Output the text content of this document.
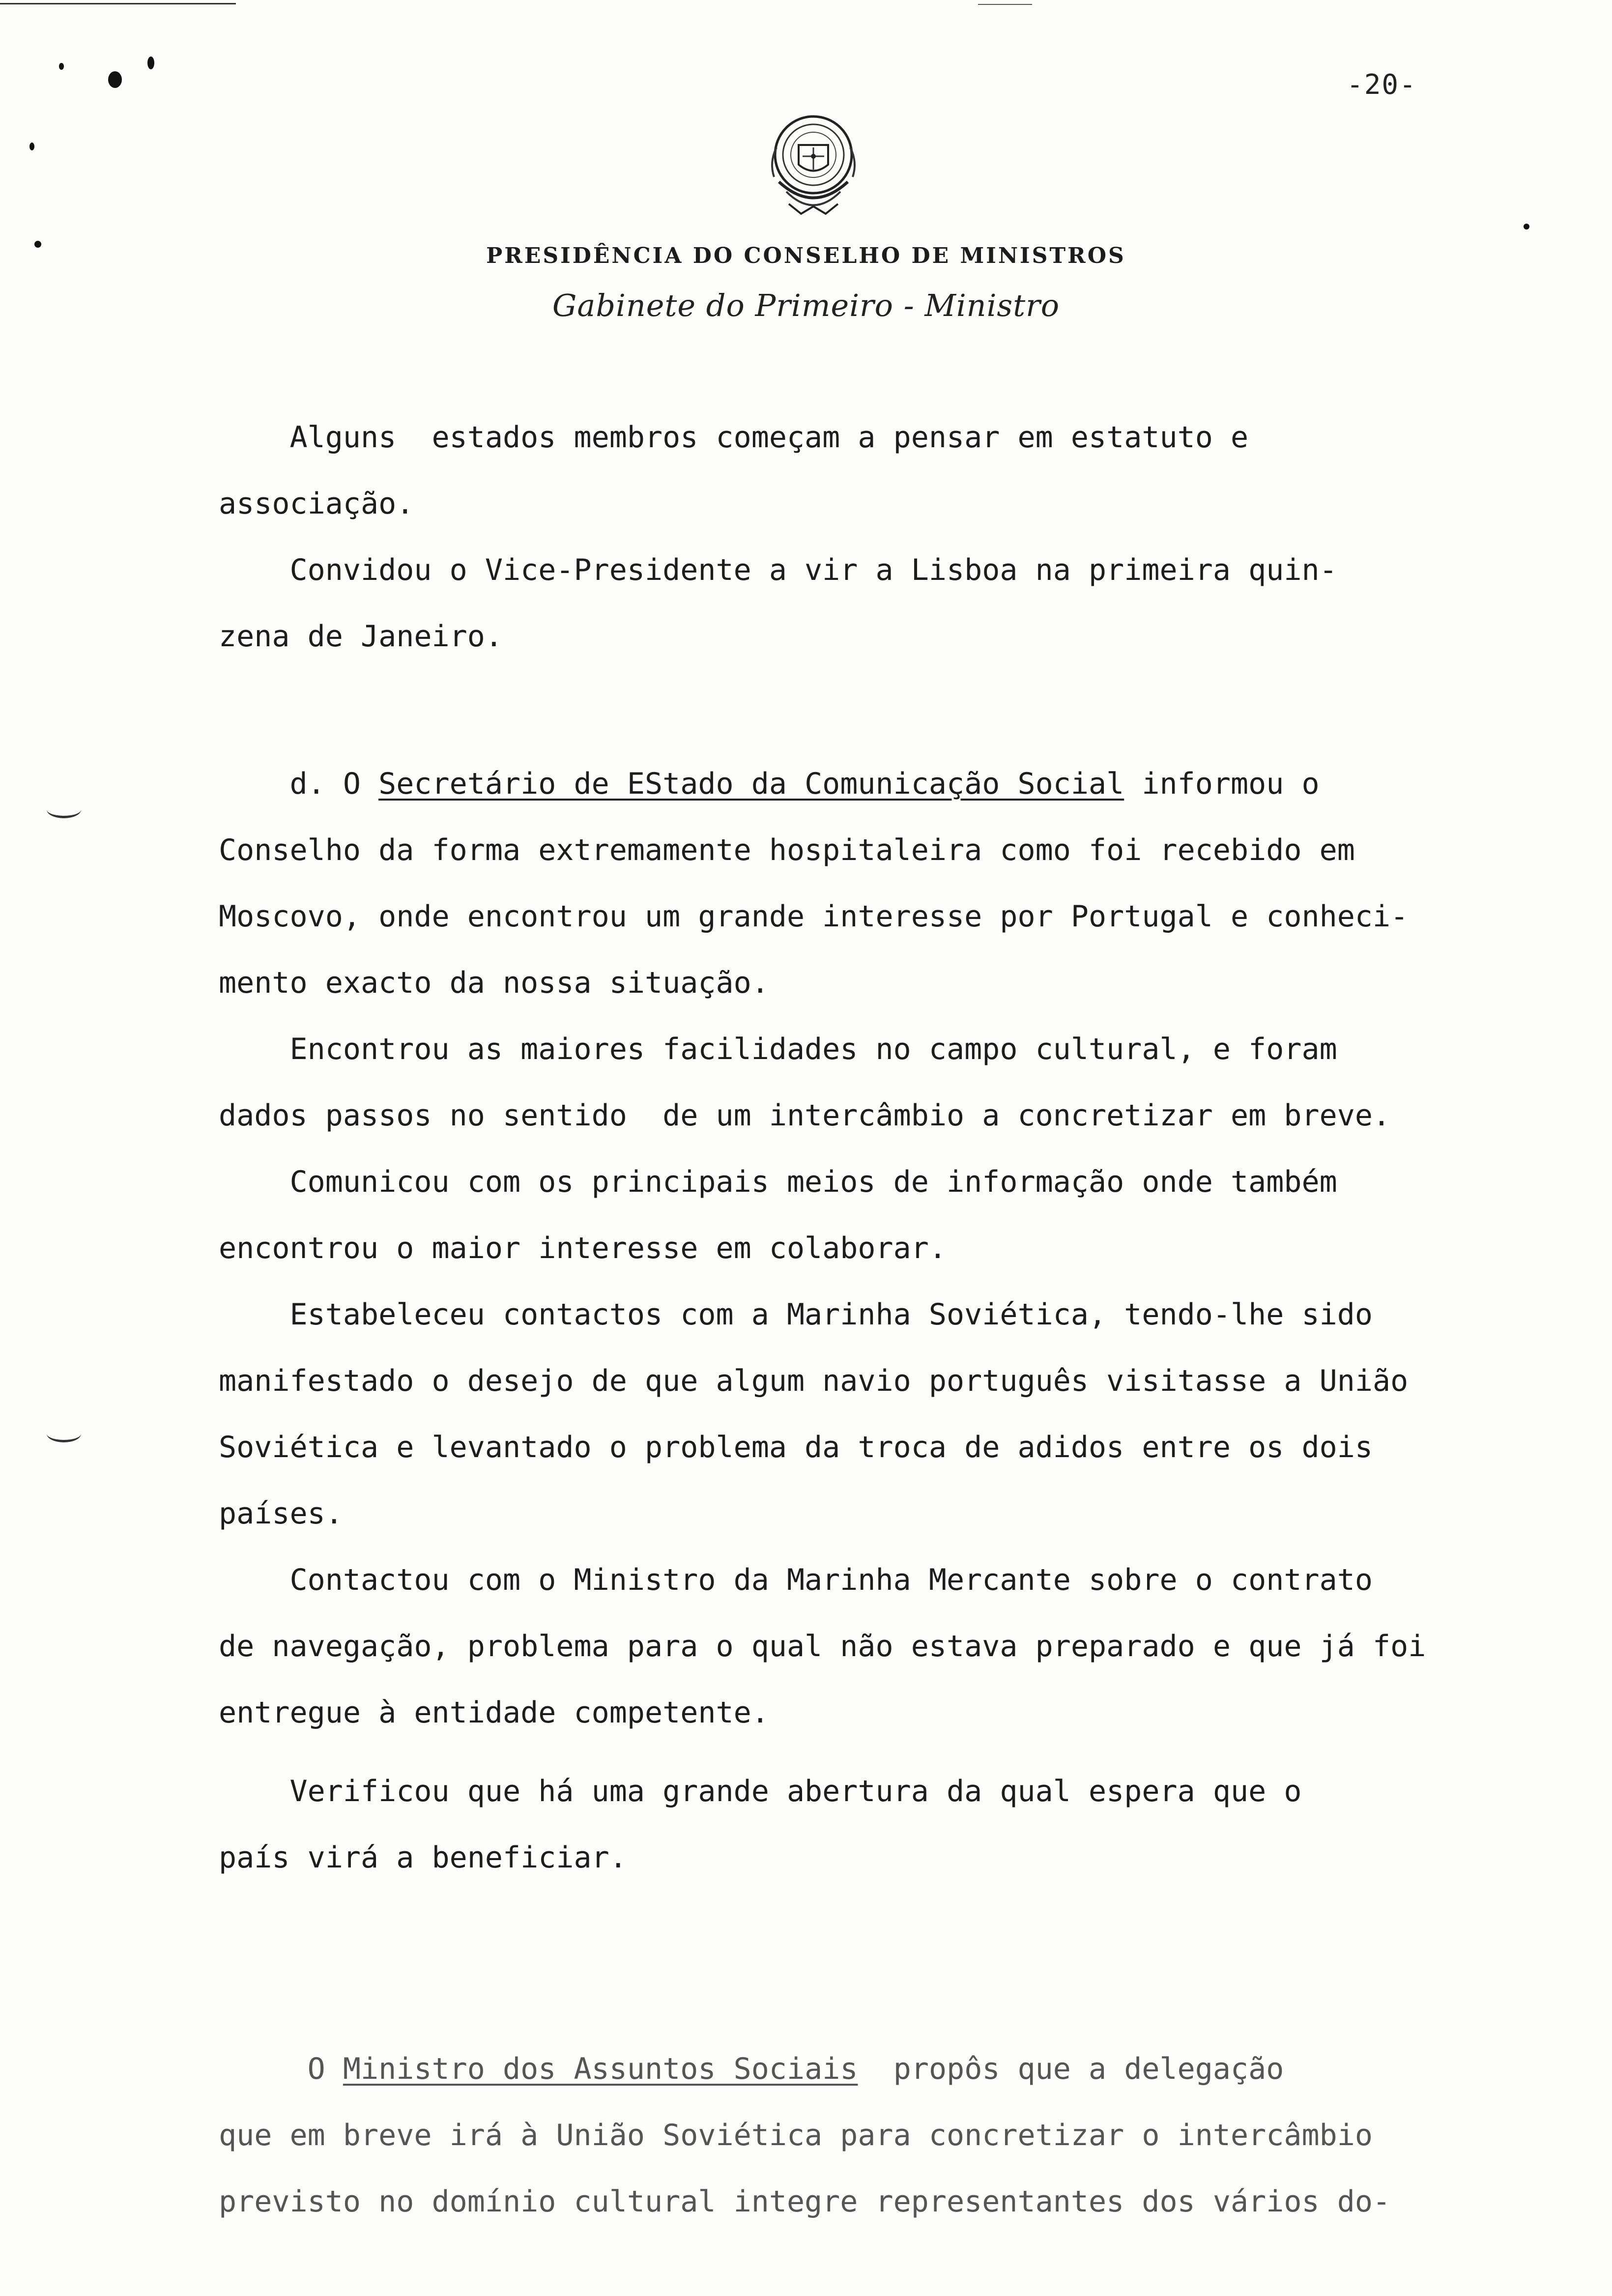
-20-
PRESIDÊNCIA DO CONSELHO DE MINISTROS
Gabinete do Primeiro - Ministro
Alguns  estados membros começam a pensar em estatuto e
associação.
Convidou o Vice-Presidente a vir a Lisboa na primeira quin-
zena de Janeiro.
d. O Secretário de EStado da Comunicação Social informou o
Conselho da forma extremamente hospitaleira como foi recebido em
Moscovo, onde encontrou um grande interesse por Portugal e conheci-
mento exacto da nossa situação.
Encontrou as maiores facilidades no campo cultural, e foram
dados passos no sentido  de um intercâmbio a concretizar em breve.
Comunicou com os principais meios de informação onde também
encontrou o maior interesse em colaborar.
Estabeleceu contactos com a Marinha Soviética, tendo-lhe sido
manifestado o desejo de que algum navio português visitasse a União
Soviética e levantado o problema da troca de adidos entre os dois
países.
Contactou com o Ministro da Marinha Mercante sobre o contrato
de navegação, problema para o qual não estava preparado e que já foi
entregue à entidade competente.
Verificou que há uma grande abertura da qual espera que o
país virá a beneficiar.
O Ministro dos Assuntos Sociais  propôs que a delegação
que em breve irá à União Soviética para concretizar o intercâmbio
previsto no domínio cultural integre representantes dos vários do-
